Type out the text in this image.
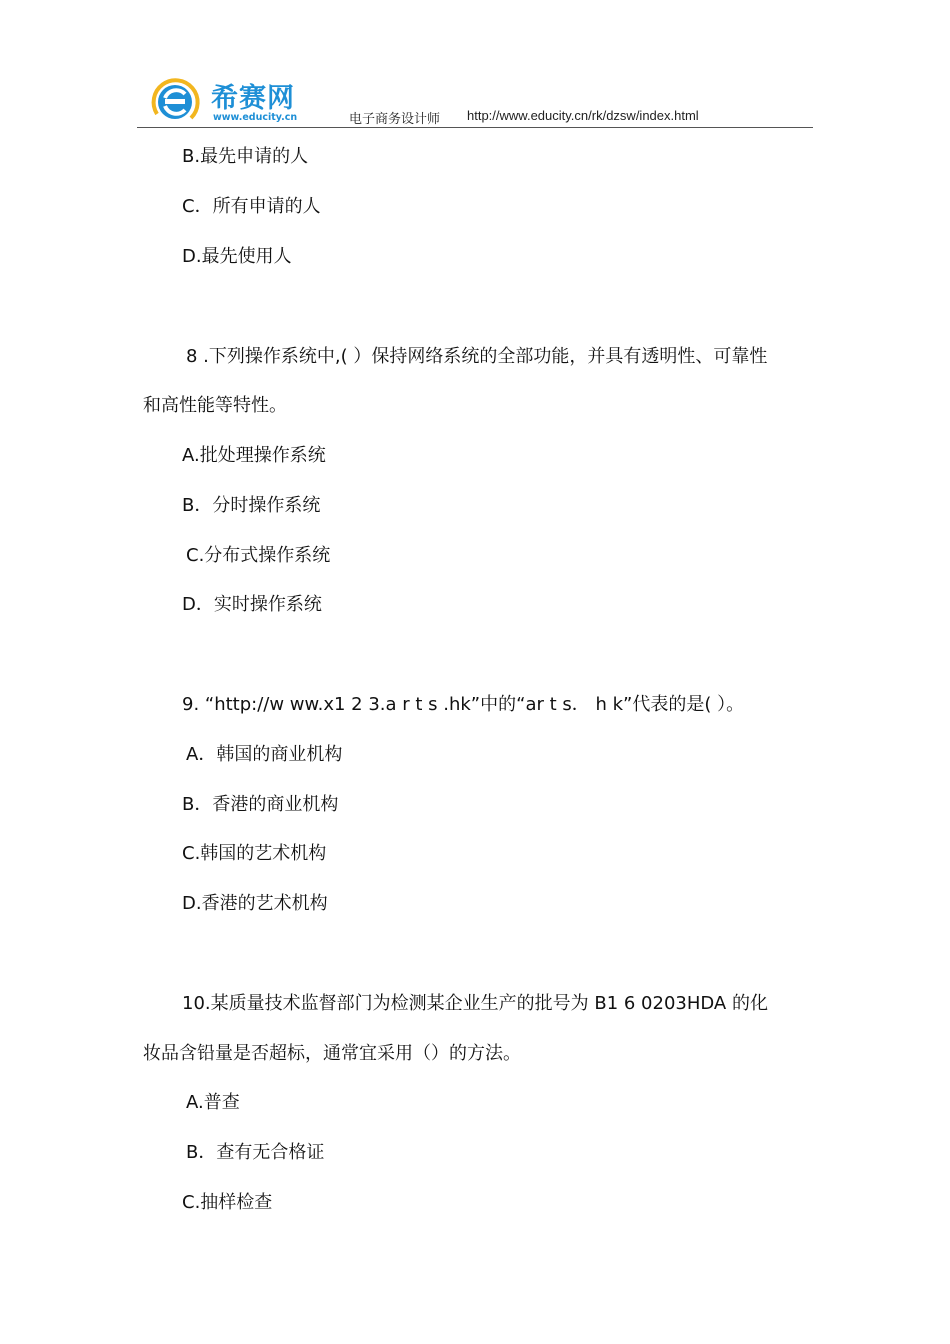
希赛网
www.educity.cn	电子商务设计师 http://www.educity.cn/rk/dzsw/index.html
B.最先申请的人
C．所有申请的人
D.最先使用人
8 .下列操作系统中,( ）保持网络系统的全部功能，并具有透明性、可靠性
和高性能等特性。
A.批处理操作系统
B．分时操作系统
C.分布式操作系统
D．实时操作系统
9. “http://w ww.x1 2 3.a r t s .hk”中的“ar t s． h k”代表的是( ）。
A．韩国的商业机构
B．香港的商业机构
C.韩国的艺术机构
D.香港的艺术机构
10.某质量技术监督部门为检测某企业生产的批号为 B1 6 0203HDA 的化
妆品含铅量是否超标，通常宜采用（）的方法。
A.普查
B．查有无合格证
C.抽样检查
